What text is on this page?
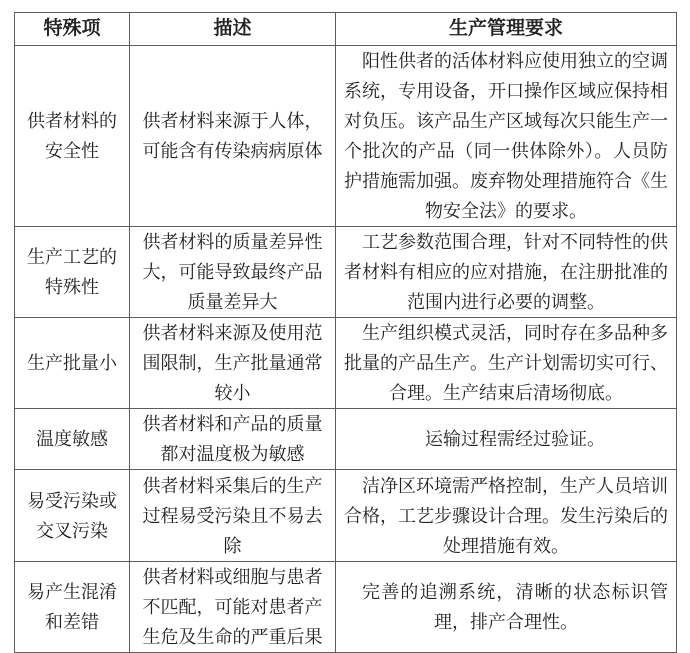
特殊项	描述	生产管理要求
供者材料的安全性	供者材料来源于人体，可能含有传染病病原体	阳性供者的活体材料应使用独立的空调系统，专用设备，开口操作区域应保持相对负压。该产品生产区域每次只能生产一个批次的产品（同一供体除外）。人员防护措施需加强。废弃物处理措施符合《生物安全法》的要求。
生产工艺的特殊性	供者材料的质量差异性大，可能导致最终产品质量差异大	工艺参数范围合理，针对不同特性的供者材料有相应的应对措施，在注册批准的范围内进行必要的调整。
生产批量小	供者材料来源及使用范围限制，生产批量通常较小	生产组织模式灵活，同时存在多品种多批量的产品生产。生产计划需切实可行、合理。生产结束后清场彻底。
温度敏感	供者材料和产品的质量都对温度极为敏感	运输过程需经过验证。
易受污染或交叉污染	供者材料采集后的生产过程易受污染且不易去除	洁净区环境需严格控制，生产人员培训合格，工艺步骤设计合理。发生污染后的处理措施有效。
易产生混淆和差错	供者材料或细胞与患者不匹配，可能对患者产生危及生命的严重后果	完善的追溯系统，清晰的状态标识管理，排产合理性。
